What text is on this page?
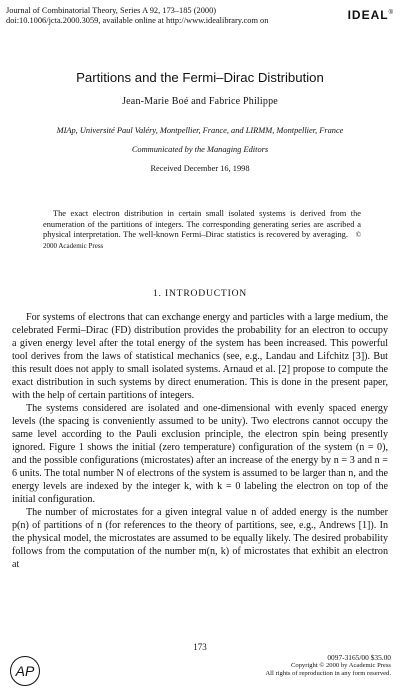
Journal of Combinatorial Theory, Series A 92, 173–185 (2000)
doi:10.1006/jcta.2000.3059, available online at http://www.idealibrary.com on	IDEAL®
Partitions and the Fermi–Dirac Distribution
Jean-Marie Boé and Fabrice Philippe
MIAp, Université Paul Valéry, Montpellier, France, and LIRMM, Montpellier, France
Communicated by the Managing Editors
Received December 16, 1998
The exact electron distribution in certain small isolated systems is derived from the enumeration of the partitions of integers. The corresponding generating series are ascribed a physical interpretation. The well-known Fermi–Dirac statistics is recovered by averaging. © 2000 Academic Press
1. INTRODUCTION

For systems of electrons that can exchange energy and particles with a large medium, the celebrated Fermi–Dirac (FD) distribution provides the probability for an electron to occupy a given energy level after the total energy of the system has been increased. This powerful tool derives from the laws of statistical mechanics (see, e.g., Landau and Lifchitz [3]). But this result does not apply to small isolated systems. Arnaud et al. [2] propose to compute the exact distribution in such systems by direct enumeration. This is done in the present paper, with the help of certain partitions of integers.

The systems considered are isolated and one-dimensional with evenly spaced energy levels (the spacing is conveniently assumed to be unity). Two electrons cannot occupy the same level according to the Pauli exclusion principle, the electron spin being presently ignored. Figure 1 shows the initial (zero temperature) configuration of the system (n = 0), and the possible configurations (microstates) after an increase of the energy by n = 3 and n = 6 units. The total number N of electrons of the system is assumed to be larger than n, and the energy levels are indexed by the integer k, with k = 0 labeling the electron on top of the initial configuration.

The number of microstates for a given integral value n of added energy is the number p(n) of partitions of n (for references to the theory of partitions, see, e.g., Andrews [1]). In the physical model, the microstates are assumed to be equally likely. The desired probability follows from the computation of the number m(n, k) of microstates that exhibit an electron at

173
AP
0097-3165/00 $35.00
Copyright © 2000 by Academic Press
All rights of reproduction in any form reserved.
